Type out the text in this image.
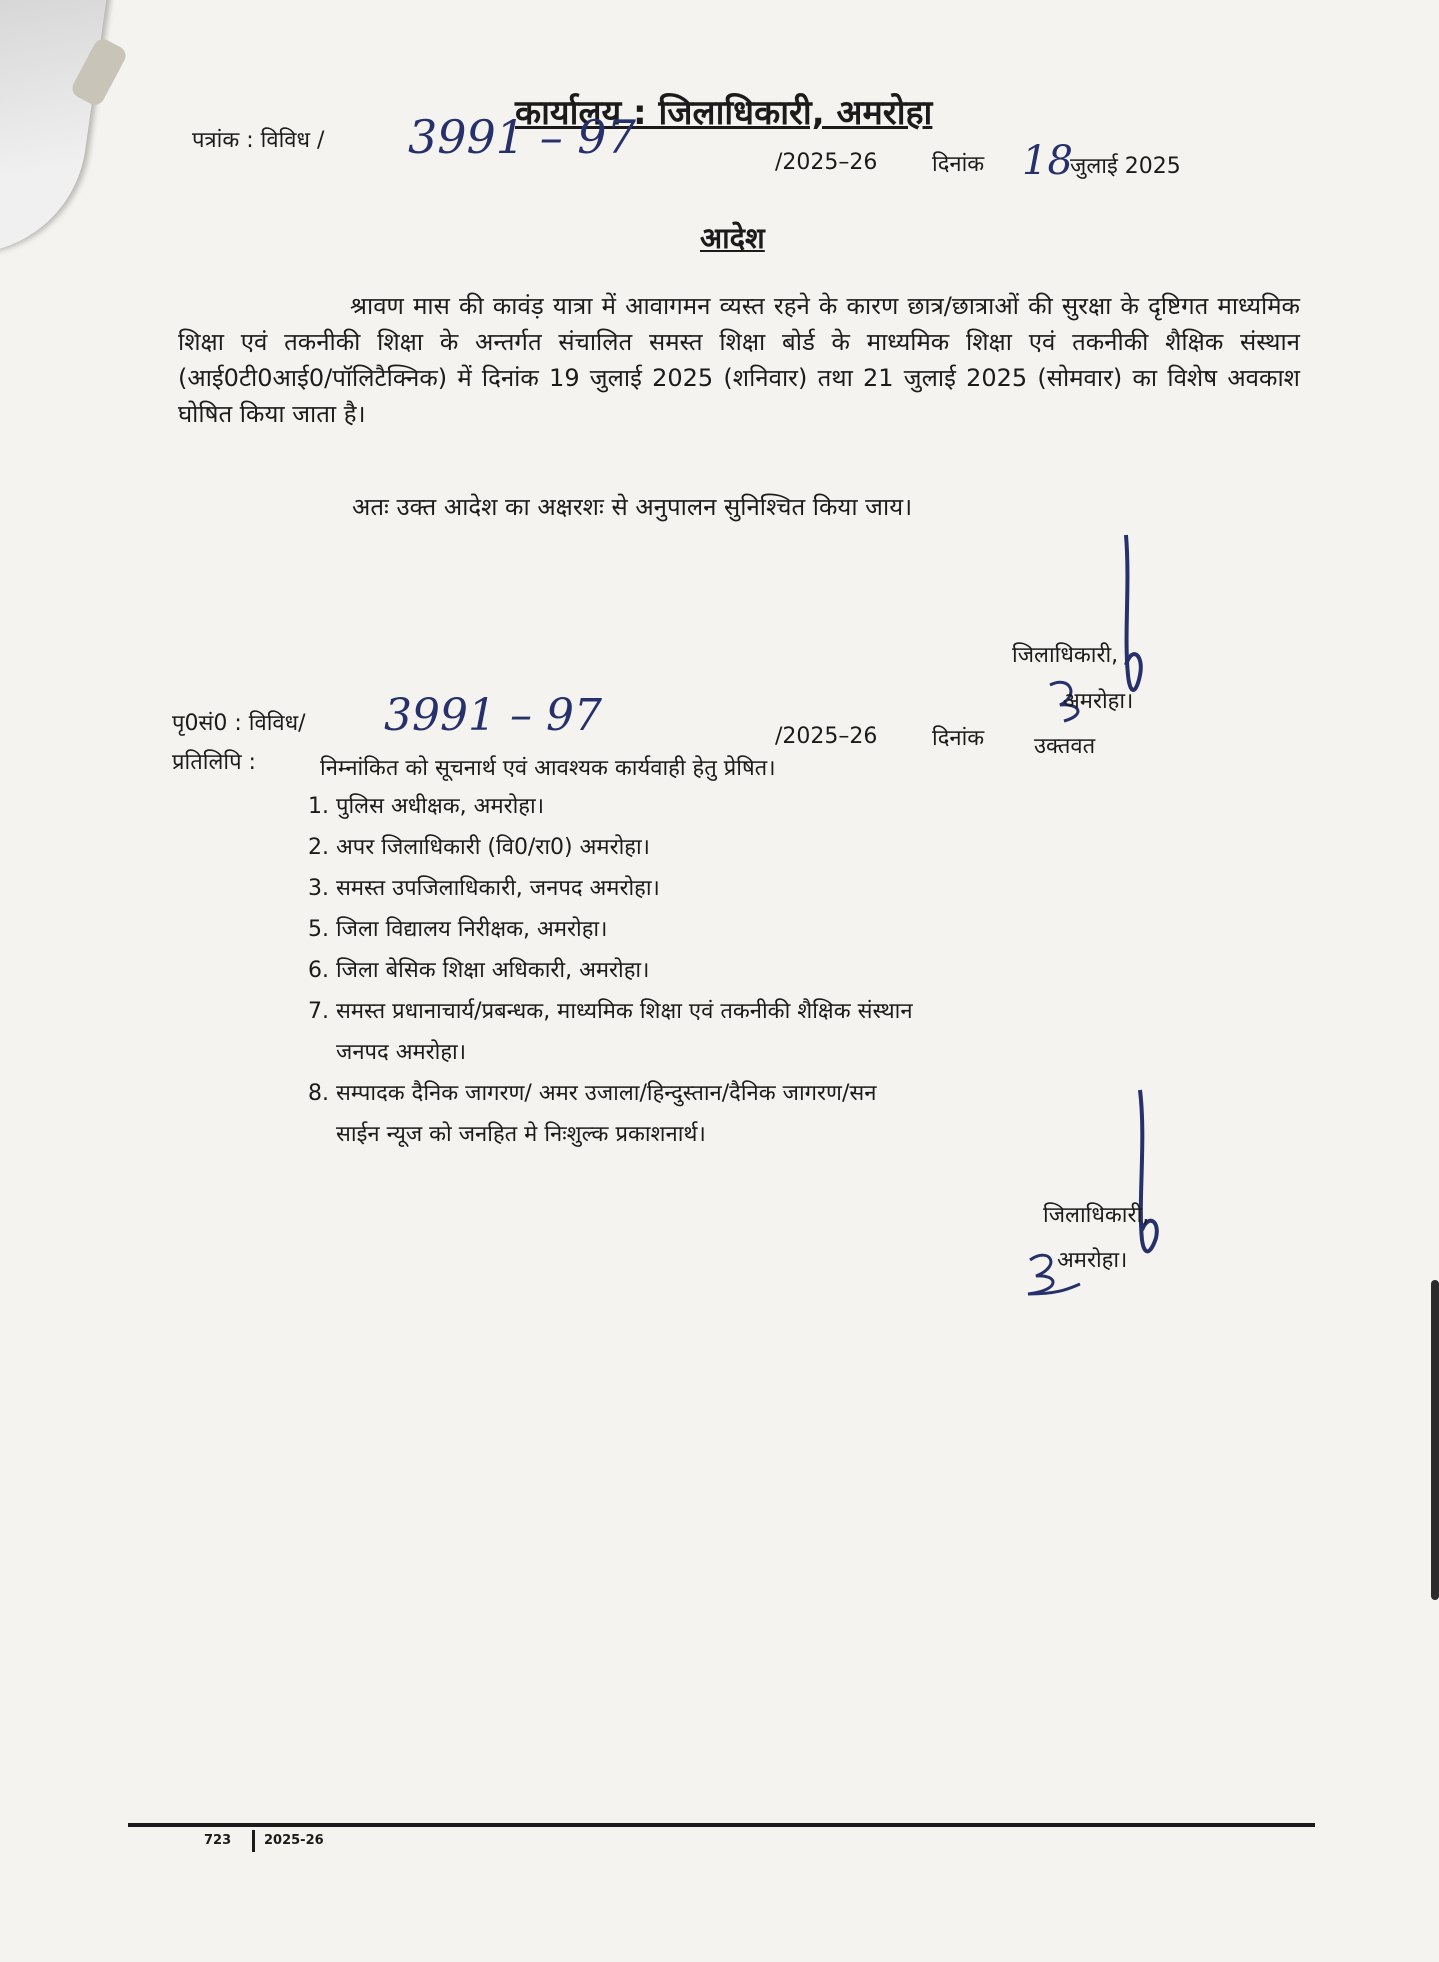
कार्यालय : जिलाधिकारी, अमरोहा
पत्रांक : विविध / 3991 – 97	/2025–26 दिनांक 18
जुलाई 2025
आदेश
श्रावण मास की कावंड़ यात्रा में आवागमन व्यस्त रहने के कारण छात्र/छात्राओं की सुरक्षा के दृष्टिगत माध्यमिक शिक्षा एवं तकनीकी शिक्षा के अन्तर्गत संचालित समस्त शिक्षा बोर्ड के माध्यमिक शिक्षा एवं तकनीकी शैक्षिक संस्थान (आई0टी0आई0/पॉलिटैक्निक) में दिनांक 19 जुलाई 2025 (शनिवार) तथा 21 जुलाई 2025 (सोमवार) का विशेष अवकाश घोषित किया जाता है।
अतः उक्त आदेश का अक्षरशः से अनुपालन सुनिश्चित किया जाय।
जिलाधिकारी,
अमरोहा।
पृ0सं0 : विविध/ 3991 – 97	/2025–26 दिनांक उक्तवत
प्रतिलिपि :	निम्नांकित को सूचनार्थ एवं आवश्यक कार्यवाही हेतु प्रेषित।
1. पुलिस अधीक्षक, अमरोहा।
2. अपर जिलाधिकारी (वि0/रा0) अमरोहा।
3. समस्त उपजिलाधिकारी, जनपद अमरोहा।
5. जिला विद्यालय निरीक्षक, अमरोहा।
6. जिला बेसिक शिक्षा अधिकारी, अमरोहा।
7. समस्त प्रधानाचार्य/प्रबन्धक, माध्यमिक शिक्षा एवं तकनीकी शैक्षिक संस्थान
जनपद अमरोहा।
8. सम्पादक दैनिक जागरण/ अमर उजाला/हिन्दुस्तान/दैनिक जागरण/सन
साईन न्यूज को जनहित मे निःशुल्क प्रकाशनार्थ।
जिलाधिकारी,
अमरोहा।
723	2025-26
